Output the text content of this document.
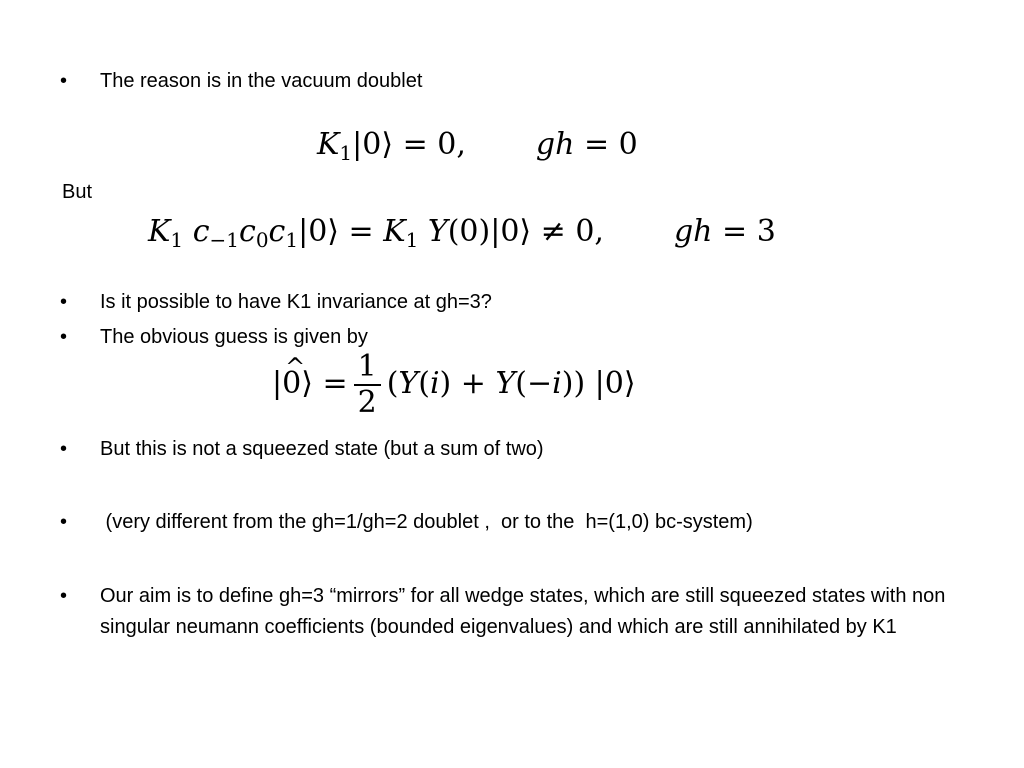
• The reason is in the vacuum doublet
$K_1|0⟩ = 0$, gh = 0
But
$K_1$ $c_{-1}c_0c_1|0⟩ = K_1$ Y(0)|0⟩ ≠ 0, gh = 3
• Is it possible to have K1 invariance at gh=3?
• The obvious guess is given by
|^ 0⟩ = $\frac{1}{2} (Y(i) + Y(-i))$ |0⟩
• But this is not a squeezed state (but a sum of two)
• (very different from the gh=1/gh=2 doublet ,  or to the  h=(1,0) bc-system)
• Our aim is to define gh=3 “mirrors” for all wedge states, which are still squeezed states with non singular neumann coefficients (bounded eigenvalues) and which are still annihilated by K1
